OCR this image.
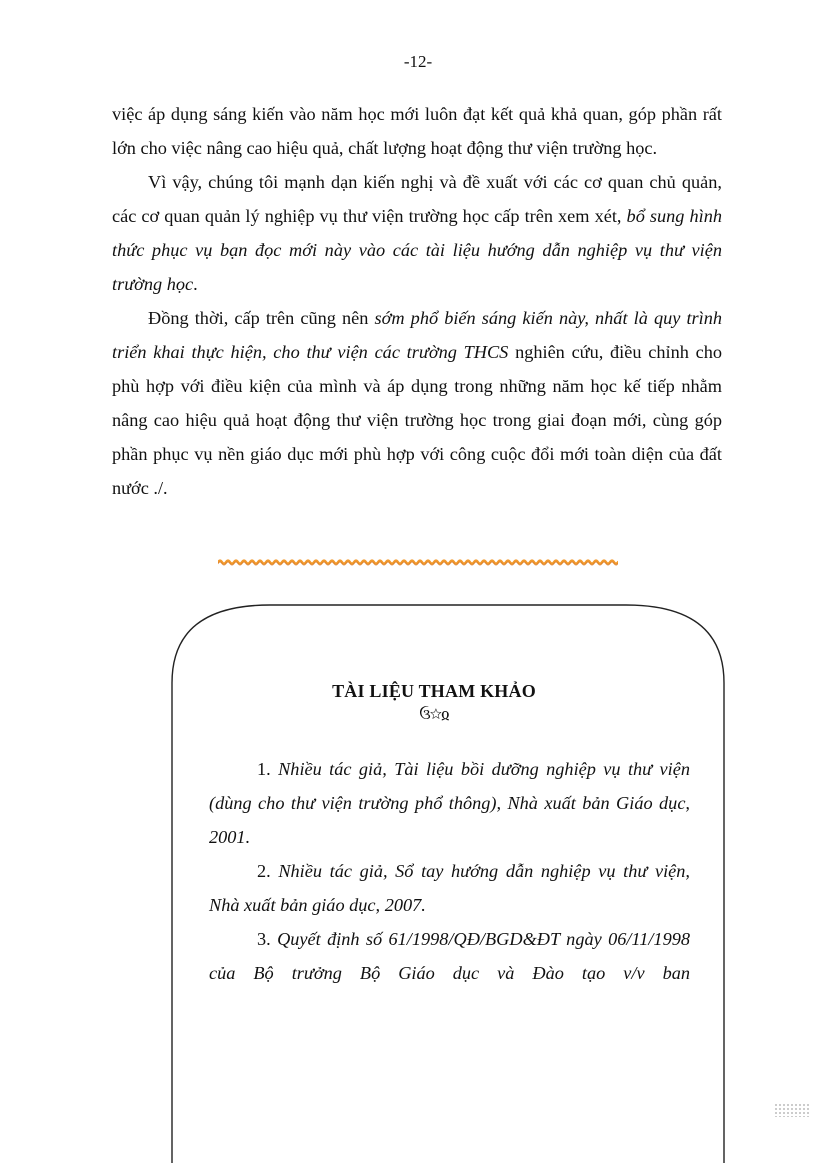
-12-

việc áp dụng sáng kiến vào năm học mới luôn đạt kết quả khả quan, góp phần rất lớn cho việc nâng cao hiệu quả, chất lượng hoạt động thư viện trường học.

Vì vậy, chúng tôi mạnh dạn kiến nghị và đề xuất với các cơ quan chủ quản, các cơ quan quản lý nghiệp vụ thư viện trường học cấp trên xem xét, bổ sung hình thức phục vụ bạn đọc mới này vào các tài liệu hướng dẫn nghiệp vụ thư viện trường học.

Đồng thời, cấp trên cũng nên sớm phổ biến sáng kiến này, nhất là quy trình triển khai thực hiện, cho thư viện các trường THCS nghiên cứu, điều chỉnh cho phù hợp với điều kiện của mình và áp dụng trong những năm học kế tiếp nhằm nâng cao hiệu quả hoạt động thư viện trường học trong giai đoạn mới, cùng góp phần phục vụ nền giáo dục mới phù hợp với công cuộc đổi mới toàn diện của đất nước ./.

TÀI LIỆU THAM KHẢO
ઉ☆ჲ

1. Nhiều tác giả, Tài liệu bồi dưỡng nghiệp vụ thư viện (dùng cho thư viện trường phổ thông), Nhà xuất bản Giáo dục, 2001.

2. Nhiều tác giả, Sổ tay hướng dẫn nghiệp vụ thư viện, Nhà xuất bản giáo dục, 2007.

3. Quyết định số 61/1998/QĐ/BGD&ĐT ngày 06/11/1998 của Bộ trưởng Bộ Giáo dục và Đào tạo v/v ban
